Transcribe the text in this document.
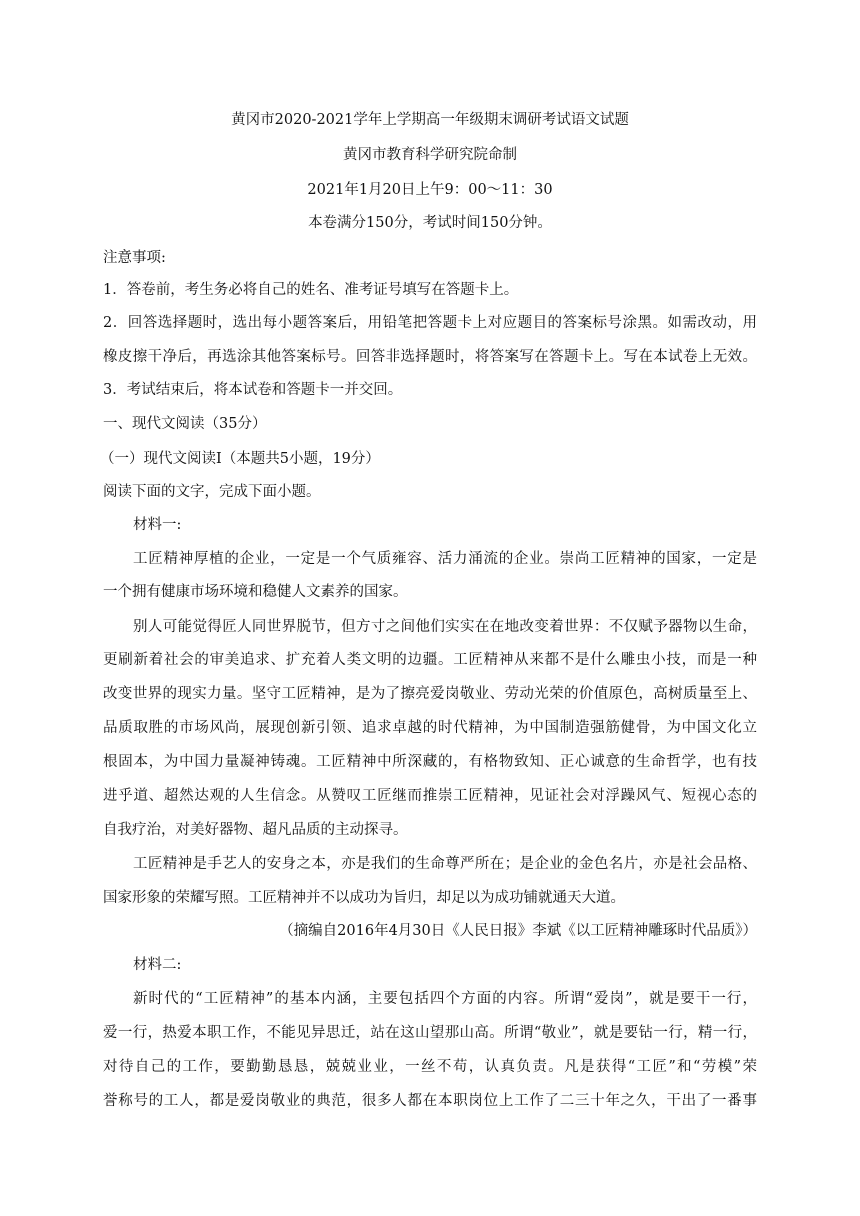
黄冈市2020-2021学年上学期高一年级期末调研考试语文试题
黄冈市教育科学研究院命制
2021年1月20日上午9：00～11：30
本卷满分150分，考试时间150分钟。
注意事项:
1．答卷前，考生务必将自己的姓名、准考证号填写在答题卡上。
2．回答选择题时，选出每小题答案后，用铅笔把答题卡上对应题目的答案标号涂黑。如需改动，用
橡皮擦干净后，再选涂其他答案标号。回答非选择题时，将答案写在答题卡上。写在本试卷上无效。
3．考试结束后，将本试卷和答题卡一并交回。
一、现代文阅读（35分）
（一）现代文阅读Ⅰ（本题共5小题，19分）
阅读下面的文字，完成下面小题。
材料一:
工匠精神厚植的企业，一定是一个气质雍容、活力涌流的企业。崇尚工匠精神的国家，一定是
一个拥有健康市场环境和稳健人文素养的国家。
别人可能觉得匠人同世界脱节，但方寸之间他们实实在在地改变着世界：不仅赋予器物以生命，
更刷新着社会的审美追求、扩充着人类文明的边疆。工匠精神从来都不是什么雕虫小技，而是一种
改变世界的现实力量。坚守工匠精神，是为了擦亮爱岗敬业、劳动光荣的价值原色，高树质量至上、
品质取胜的市场风尚，展现创新引领、追求卓越的时代精神，为中国制造强筋健骨，为中国文化立
根固本，为中国力量凝神铸魂。工匠精神中所深藏的，有格物致知、正心诚意的生命哲学，也有技
进乎道、超然达观的人生信念。从赞叹工匠继而推崇工匠精神，见证社会对浮躁风气、短视心态的
自我疗治，对美好器物、超凡品质的主动探寻。
工匠精神是手艺人的安身之本，亦是我们的生命尊严所在；是企业的金色名片，亦是社会品格、
国家形象的荣耀写照。工匠精神并不以成功为旨归，却足以为成功铺就通天大道。
（摘编自2016年4月30日《人民日报》李斌《以工匠精神雕琢时代品质》）
材料二:
新时代的“工匠精神”的基本内涵，主要包括四个方面的内容。所谓“爱岗”，就是要干一行，
爱一行，热爱本职工作，不能见异思迁，站在这山望那山高。所谓“敬业”，就是要钻一行，精一行，
对待自己的工作，要勤勤恳恳，兢兢业业，一丝不苟，认真负责。凡是获得“工匠”和“劳模”荣
誉称号的工人，都是爱岗敬业的典范，很多人都在本职岗位上工作了二三十年之久，干出了一番事
